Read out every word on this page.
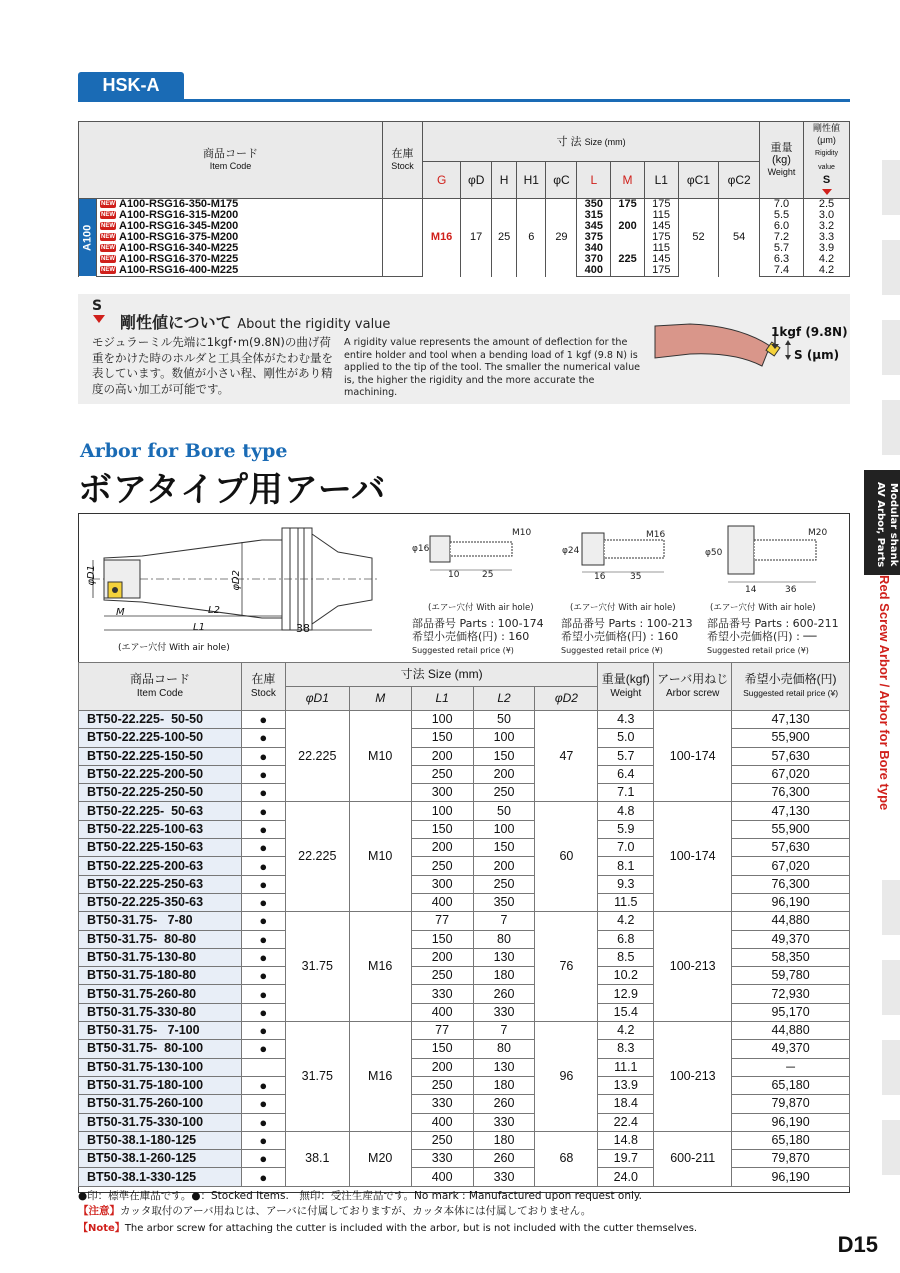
HSK-A
商品コード
Item Code		在庫
Stock	寸 法 Size (mm)										重量(kg)
Weight	剛性値(μm)
Rigidity value
S

			G	φD	H	H1	φC	L	M	L1	φC1	φC2		
A100	NEW A100-RSG16-350-M175		M16	17	25	6	29	350	175	175	52	54	7.0	2.5
	NEW A100-RSG16-315-M200							315		115			5.5	3.0
	NEW A100-RSG16-345-M200							345	200	145			6.0	3.2
	NEW A100-RSG16-375-M200							375		175			7.2	3.3
	NEW A100-RSG16-340-M225							340		115			5.7	3.9
	NEW A100-RSG16-370-M225							370	225	145			6.3	4.2
	NEW A100-RSG16-400-M225							400		175			7.4	4.2
S
剛性値について About the rigidity value
モジュラーミル先端に1kgf･m(9.8N)の曲げ荷重をかけた時のホルダと工具全体がたわむ量を表しています。数値が小さい程、剛性があり精度の高い加工が可能です。
A rigidity value represents the amount of deflection for the entire holder and tool when a bending load of 1 kgf (9.8 N) is applied to the tip of the tool. The smaller the numerical value is, the higher the rigidity and the more accurate the machining.
1kgf (9.8N)
S (μm)
Arbor for Bore type
ボアタイプ用アーバ
φD1	φD2
M	L2
L1	38
(エアー穴付 With air hole)
φ16
M10
10	25
φ24
M16
16	35
φ50
M20
14	36
(エアー穴付 With air hole)	(エアー穴付 With air hole)	(エアー穴付 With air hole)
部品番号 Parts : 100-174
希望小売価格(円) : 160
Suggested retail price (¥)
部品番号 Parts : 100-213
希望小売価格(円) : 160
Suggested retail price (¥)
部品番号 Parts : 600-211
希望小売価格(円) : ──
Suggested retail price (¥)
商品コード
Item Code	在庫
Stock	寸法 Size (mm)					重量(kgf)
Weight	アーバ用ねじ
Arbor screw	希望小売価格(円)
Suggested retail price (¥)
		φD1	M	L1	L2	φD2			
BT50-22.225-  50-50	●	22.225	M10	100	50	47	4.3	100-174	47,130
BT50-22.225-100-50	●			150	100		5.0		55,900
BT50-22.225-150-50	●			200	150		5.7		57,630
BT50-22.225-200-50	●			250	200		6.4		67,020
BT50-22.225-250-50	●			300	250		7.1		76,300
BT50-22.225-  50-63	●	22.225	M10	100	50	60	4.8	100-174	47,130
BT50-22.225-100-63	●			150	100		5.9		55,900
BT50-22.225-150-63	●			200	150		7.0		57,630
BT50-22.225-200-63	●			250	200		8.1		67,020
BT50-22.225-250-63	●			300	250		9.3		76,300
BT50-22.225-350-63	●			400	350		11.5		96,190
BT50-31.75-   7-80	●	31.75	M16	77	7	76	4.2	100-213	44,880
BT50-31.75-  80-80	●			150	80		6.8		49,370
BT50-31.75-130-80	●			200	130		8.5		58,350
BT50-31.75-180-80	●			250	180		10.2		59,780
BT50-31.75-260-80	●			330	260		12.9		72,930
BT50-31.75-330-80	●			400	330		15.4		95,170
BT50-31.75-   7-100	●	31.75	M16	77	7	96	4.2	100-213	44,880
BT50-31.75-  80-100	●			150	80		8.3		49,370
BT50-31.75-130-100				200	130		11.1		─
BT50-31.75-180-100	●			250	180		13.9		65,180
BT50-31.75-260-100	●			330	260		18.4		79,870
BT50-31.75-330-100	●			400	330		22.4		96,190
BT50-38.1-180-125	●	38.1	M20	250	180	68	14.8	600-211	65,180
BT50-38.1-260-125	●			330	260		19.7		79,870
BT50-38.1-330-125	●			400	330		24.0		96,190
●印：標準在庫品です。●：Stocked Items.　無印：受注生産品です。No mark : Manufactured upon request only.
【注意】カッタ取付のアーバ用ねじは、アーバに付属しておりますが、カッタ本体には付属しておりません。
【Note】The arbor screw for attaching the cutter is included with the arbor, but is not included with the cutter themselves.
Modular shank AV Arbor, Parts
Red Screw Arbor / Arbor for Bore type
D15
